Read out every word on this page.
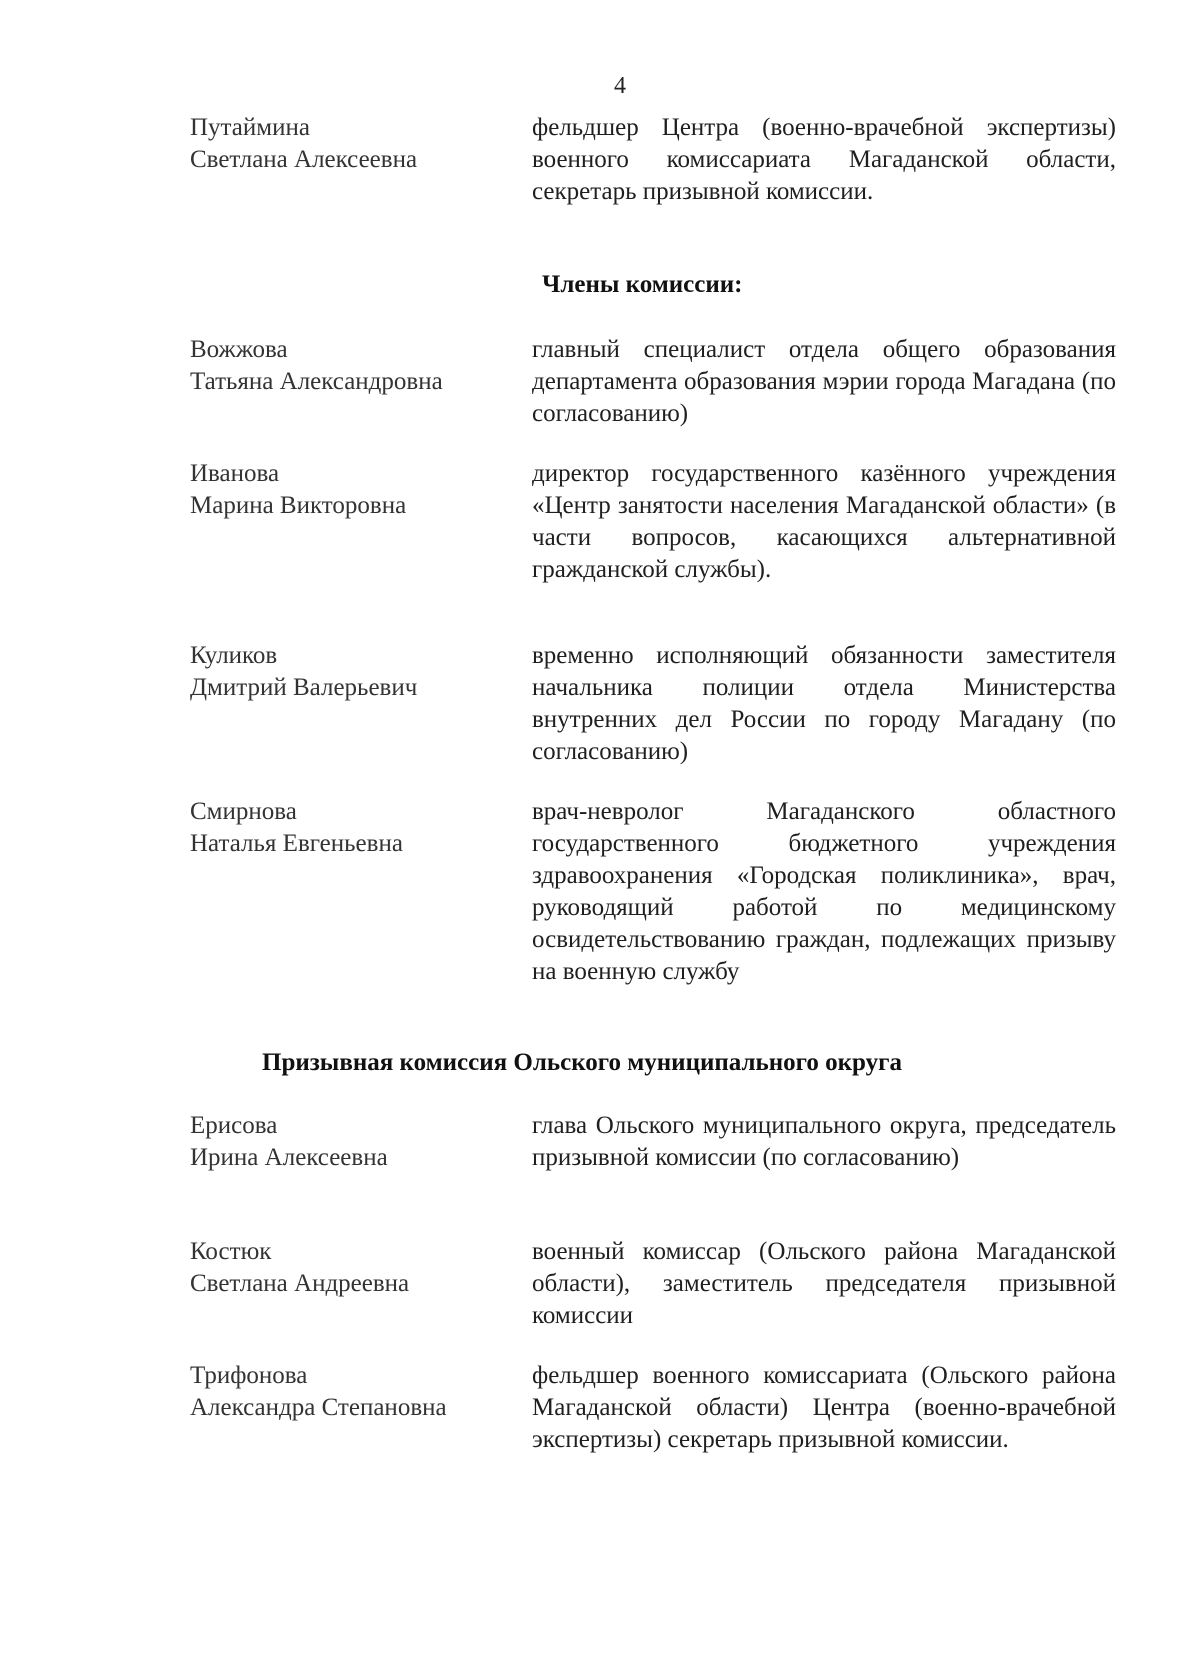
4
Путаймина
Светлана Алексеевна
фельдшер Центра (военно-врачебной экспертизы) военного комиссариата Магаданской области, секретарь призывной комиссии.
Члены комиссии:
Вожжова
Татьяна Александровна
главный специалист отдела общего образования департамента образования мэрии города Магадана (по согласованию)
Иванова
Марина Викторовна
директор государственного казённого учреждения «Центр занятости населения Магаданской области» (в части вопросов, касающихся альтернативной гражданской службы).
Куликов
Дмитрий Валерьевич
временно исполняющий обязанности заместителя начальника полиции отдела Министерства внутренних дел России по городу Магадану (по согласованию)
Смирнова
Наталья Евгеньевна
врач-невролог Магаданского областного государственного бюджетного учреждения здравоохранения «Городская поликлиника», врач, руководящий работой по медицинскому освидетельствованию граждан, подлежащих призыву на военную службу
Призывная комиссия Ольского муниципального округа
Ерисова
Ирина Алексеевна
глава Ольского муниципального округа, председатель призывной комиссии (по согласованию)
Костюк
Светлана Андреевна
военный комиссар (Ольского района Магаданской области), заместитель председателя призывной комиссии
Трифонова
Александра Степановна
фельдшер военного комиссариата (Ольского района Магаданской области) Центра (военно-врачебной экспертизы) секретарь призывной комиссии.
